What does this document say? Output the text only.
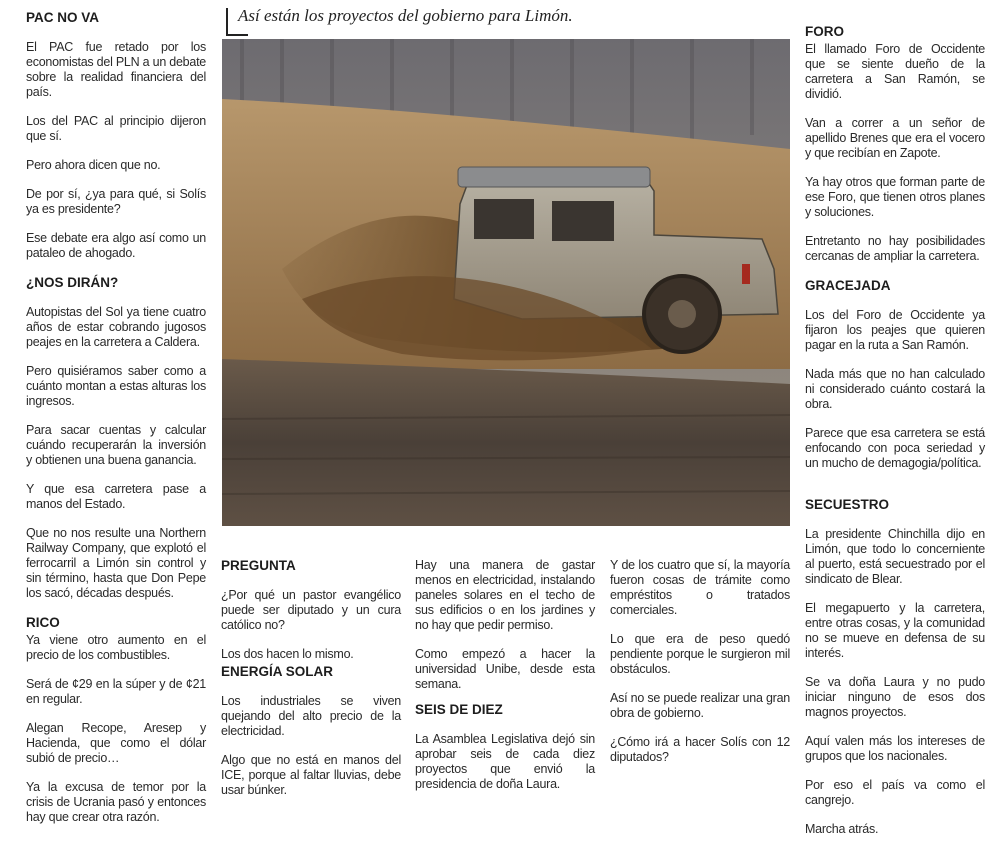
Así están los proyectos del gobierno para Limón.
PAC NO VA

El PAC fue retado por los economistas del PLN a un debate sobre la realidad financiera del país.

Los del PAC al principio dijeron que sí.

Pero ahora dicen que no.

De por sí, ¿ya para qué, si Solís ya es presidente?

Ese debate era algo así como un pataleo de ahogado.

¿NOS DIRÁN?

Autopistas del Sol ya tiene cuatro años de estar cobrando jugosos peajes en la carretera a Caldera.

Pero quisiéramos saber como a cuánto montan a estas alturas los ingresos.

Para sacar cuentas y calcular cuándo recuperarán la inversión y obtienen una buena ganancia.

Y que esa carretera pase a manos del Estado.

Que no nos resulte una Northern Railway Company, que explotó el ferrocarril a Limón sin control y sin término, hasta que Don Pepe los sacó, décadas después.

RICO

Ya viene otro aumento en el precio de los combustibles.

Será de ¢29 en la súper y de ¢21 en regular.

Alegan Recope, Aresep y Hacienda, que como el dólar subió de precio…

Ya la excusa de temor por la crisis de Ucrania pasó y entonces hay que crear otra razón.

FORO

El llamado Foro de Occidente que se siente dueño de la carretera a San Ramón, se dividió.

Van a correr a un señor de apellido Brenes que era el vocero y que recibían en Zapote.

Ya hay otros que forman parte de ese Foro, que tienen otros planes y soluciones.

Entretanto no hay posibilidades cercanas de ampliar la carretera.

GRACEJADA

Los del Foro de Occidente ya fijaron los peajes que quieren pagar en la ruta a San Ramón.

Nada más que no han calculado ni considerado cuánto costará la obra.

Parece que esa carretera se está enfocando con poca seriedad y un mucho de demagogia/política.

SECUESTRO

La presidente Chinchilla dijo en Limón, que todo lo concerniente al puerto, está secuestrado por el sindicato de Blear.

El megapuerto y la carretera, entre otras cosas, y la comunidad no se mueve en defensa de su interés.

Se va doña Laura y no pudo iniciar ninguno de esos dos magnos proyectos.

Aquí valen más los intereses de grupos que los nacionales.

Por eso el país va como el cangrejo.

Marcha atrás.

PREGUNTA

¿Por qué un pastor evangélico puede ser diputado y un cura católico no?

Los dos hacen lo mismo.

ENERGÍA SOLAR

Los industriales se viven quejando del alto precio de la electricidad.

Algo que no está en manos del ICE, porque al faltar lluvias, debe usar búnker.

Hay una manera de gastar menos en electricidad, instalando paneles solares en el techo de sus edificios o en los jardines y no hay que pedir permiso.

Como empezó a hacer la universidad Unibe, desde esta semana.

SEIS DE DIEZ

La Asamblea Legislativa dejó sin aprobar seis de cada diez proyectos que envió la presidencia de doña Laura.

Y de los cuatro que sí, la mayoría fueron cosas de trámite como empréstitos o tratados comerciales.

Lo que era de peso quedó pendiente porque le surgieron mil obstáculos.

Así no se puede realizar una gran obra de gobierno.

¿Cómo irá a hacer Solís con 12 diputados?
